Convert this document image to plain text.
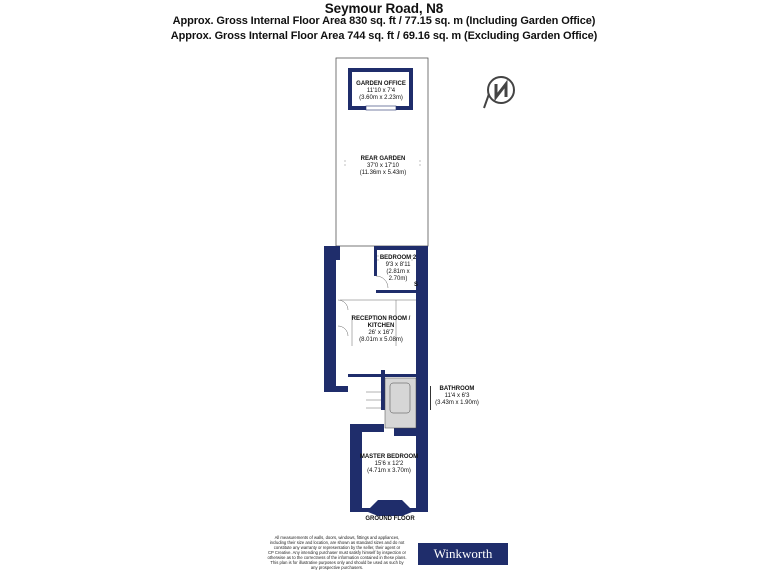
Seymour Road, N8
Approx. Gross Internal Floor Area 830 sq. ft / 77.15 sq. m (Including Garden Office)
Approx. Gross Internal Floor Area 744 sq. ft / 69.16 sq. m (Excluding Garden Office)
GARDEN OFFICE
11'10 x 7'4
(3.60m x 2.23m)
REAR GARDEN
37'0 x 17'10
(11.36m x 5.43m)
BEDROOM 2
9'3 x 8'11
(2.81m x 2.70m)
S
RECEPTION ROOM /
KITCHEN
26' x 16'7
(8.01m x 5.08m)
BATHROOM
11'4 x 6'3
(3.43m x 1.90m)
MASTER BEDROOM
15'6 x 12'2
(4.71m x 3.70m)
GROUND FLOOR
All measurements of walls, doors, windows, fittings and appliances,
including their size and location, are shown as standard sizes and do not
constitute any warranty or representation by the seller, their agent or
CP Creative. Any intending purchaser must satisfy himself by inspection or
otherwise as to the correctness of the information contained in these plans.
This plan is for illustrative purposes only and should be used as such by
any prospective purchasers.
Winkworth
